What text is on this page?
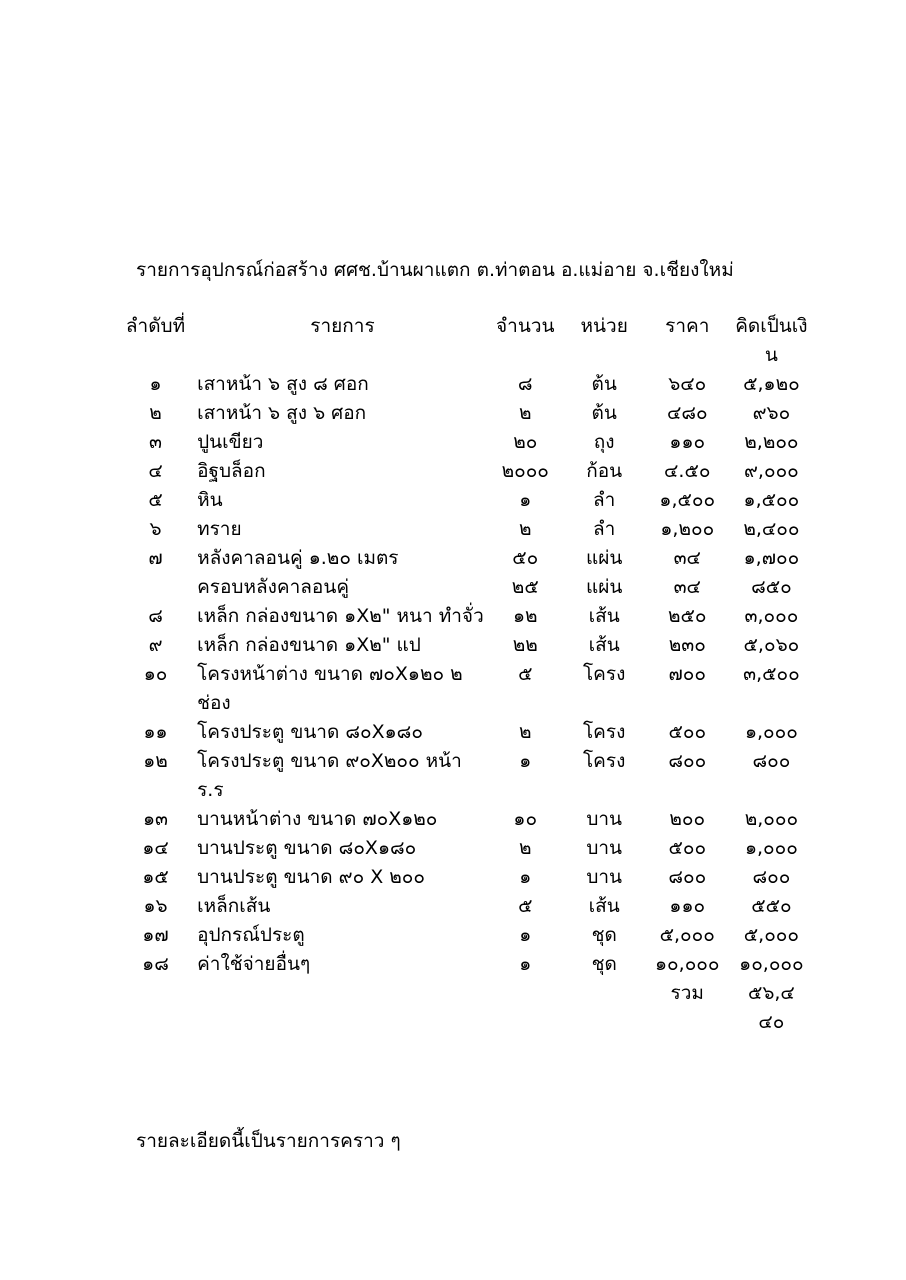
รายการอุปกรณ์ก่อสร้าง ศศช.บ้านผาแตก ต.ท่าตอน อ.แม่อาย จ.เชียงใหม่
ลำดับที่	รายการ	จำนวน	หน่วย	ราคา	คิดเป็นเงิน
๑	เสาหน้า ๖ สูง ๘ ศอก	๘	ต้น	๖๔๐	๕,๑๒๐
๒	เสาหน้า ๖ สูง ๖ ศอก	๒	ต้น	๔๘๐	๙๖๐
๓	ปูนเขียว	๒๐	ถุง	๑๑๐	๒,๒๐๐
๔	อิฐบล็อก	๒๐๐๐	ก้อน	๔.๕๐	๙,๐๐๐
๕	หิน	๑	ลำ	๑,๕๐๐	๑,๕๐๐
๖	ทราย	๒	ลำ	๑,๒๐๐	๒,๔๐๐
๗	หลังคาลอนคู่ ๑.๒๐ เมตร	๕๐	แผ่น	๓๔	๑,๗๐๐
	ครอบหลังคาลอนคู่	๒๕	แผ่น	๓๔	๘๕๐
๘	เหล็ก กล่องขนาด ๑X๒" หนา ทำจั่ว	๑๒	เส้น	๒๕๐	๓,๐๐๐
๙	เหล็ก กล่องขนาด ๑X๒" แป	๒๒	เส้น	๒๓๐	๕,๐๖๐
๑๐	โครงหน้าต่าง ขนาด ๗๐X๑๒๐ ๒ ช่อง	๕	โครง	๗๐๐	๓,๕๐๐
๑๑	โครงประตู ขนาด ๘๐X๑๘๐	๒	โครง	๕๐๐	๑,๐๐๐
๑๒	โครงประตู ขนาด ๙๐X๒๐๐ หน้า ร.ร	๑	โครง	๘๐๐	๘๐๐
๑๓	บานหน้าต่าง ขนาด ๗๐X๑๒๐	๑๐	บาน	๒๐๐	๒,๐๐๐
๑๔	บานประตู ขนาด ๘๐X๑๘๐	๒	บาน	๕๐๐	๑,๐๐๐
๑๕	บานประตู ขนาด ๙๐ X ๒๐๐	๑	บาน	๘๐๐	๘๐๐
๑๖	เหล็กเส้น	๕	เส้น	๑๑๐	๕๕๐
๑๗	อุปกรณ์ประตู	๑	ชุด	๕,๐๐๐	๕,๐๐๐
๑๘	ค่าใช้จ่ายอื่นๆ	๑	ชุด	๑๐,๐๐๐	๑๐,๐๐๐
				รวม	๕๖,๔๔๐
รายละเอียดนี้เป็นรายการคราว ๆ
